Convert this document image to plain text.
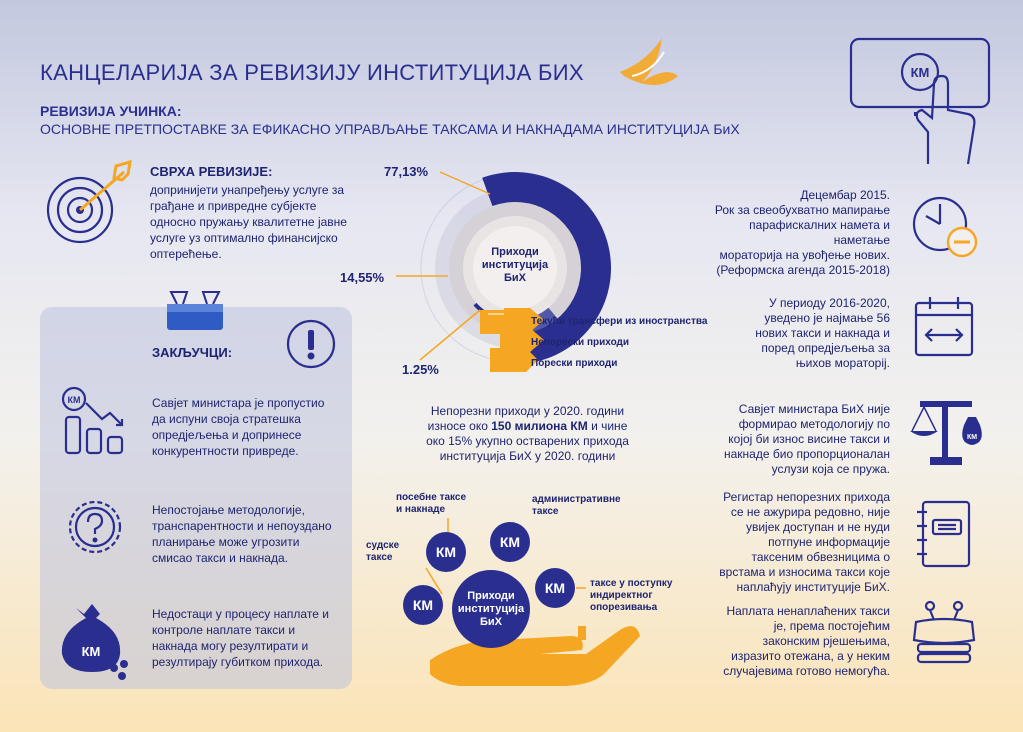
КАНЦЕЛАРИЈА ЗА РЕВИЗИЈУ ИНСТИТУЦИЈА БИХ
РЕВИЗИЈА УЧИНКА:
ОСНОВНЕ ПРЕТПОСТАВКЕ ЗА ЕФИКАСНО УПРАВЉАЊЕ ТАКСАМА И НАКНАДАМА ИНСТИТУЦИЈА БиХ
КМ
СВРХА РЕВИЗИЈЕ:
допринијети унапређењу услуге за
грађане и привредне субјекте
односно пружању квалитетне јавне
услуге уз оптимално финансијско
оптерећење.
ЗАКЉУЧЦИ:
КМ	Савјет министара је пропустио
да испуни своја стратешка
опредјељења и допринесе
конкурентности привреде.
Непостојање методологије,
транспарентности и непоуздано
планирање може угрозити
смисао такси и накнада.
КМ
Недостаци у процесу наплате и
контроле наплате такси и
накнада могу резултирати и
резултирају губитком прихода.
77,13%
14,55%
1.25%
Приходи
институција
БиХ
Текући трансфери из иностранства
Непорески приходи
Порески приходи
Непорезни приходи у 2020. години
износе око 150 милиона КМ и чине
око 15% укупно остварених прихода
институција БиХ у 2020. години
КМ
КМ
КМ
КМ
Приходи
институција
БиХ
посебне таксе
и накнаде
административне
таксе
судске
таксе
таксе у поступку
индиректног
опорезивања
Децембар 2015.
Рок за свеобухватно мапирање
парафискалних намета и наметање
мораторија на увођење нових.
(Реформска агенда 2015-2018)
У периоду 2016-2020,
уведено је најмање 56
нових такси и накнада и
поред опредјељења за
њихов мораторij.
Савјет министара БиХ није
формирао методологију по
којој би износ висине такси и
накнаде био пропорционалан
услузи која се пружа.
КМ
Регистар непорезних прихода
се не ажурира редовно, није
увијек доступан и не нуди
потпуне информације
таксеним обвезницима о
врстама и износима такси које
наплаћују институције БиХ.
Наплата ненаплаћених такси
је, према постојећим
законским рјешењима,
изразито отежана, а у неким
случајевима готово немогућа.
